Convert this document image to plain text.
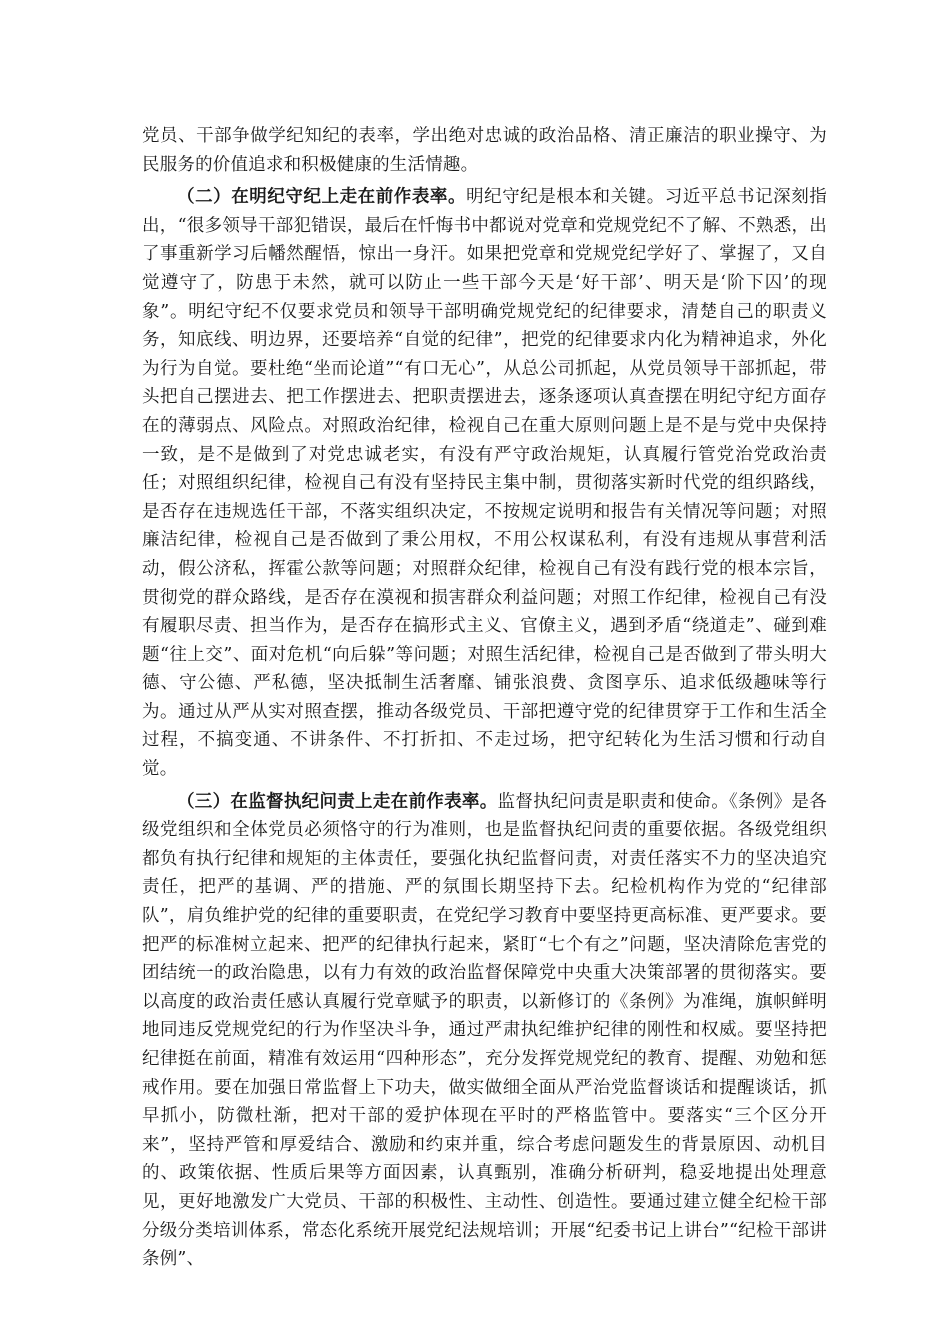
党员、干部争做学纪知纪的表率，学出绝对忠诚的政治品格、清正廉洁的职业操守、为民服务的价值追求和积极健康的生活情趣。

（二）在明纪守纪上走在前作表率。明纪守纪是根本和关键。习近平总书记深刻指出，“很多领导干部犯错误，最后在忏悔书中都说对党章和党规党纪不了解、不熟悉，出了事重新学习后幡然醒悟，惊出一身汗。如果把党章和党规党纪学好了、掌握了，又自觉遵守了，防患于未然，就可以防止一些干部今天是‘好干部’、明天是‘阶下囚’的现象”。明纪守纪不仅要求党员和领导干部明确党规党纪的纪律要求，清楚自己的职责义务，知底线、明边界，还要培养“自觉的纪律”，把党的纪律要求内化为精神追求，外化为行为自觉。要杜绝“坐而论道”“有口无心”，从总公司抓起，从党员领导干部抓起，带头把自己摆进去、把工作摆进去、把职责摆进去，逐条逐项认真查摆在明纪守纪方面存在的薄弱点、风险点。对照政治纪律，检视自己在重大原则问题上是不是与党中央保持一致，是不是做到了对党忠诚老实，有没有严守政治规矩，认真履行管党治党政治责任；对照组织纪律，检视自己有没有坚持民主集中制，贯彻落实新时代党的组织路线，是否存在违规选任干部，不落实组织决定，不按规定说明和报告有关情况等问题；对照廉洁纪律，检视自己是否做到了秉公用权，不用公权谋私利，有没有违规从事营利活动，假公济私，挥霍公款等问题；对照群众纪律，检视自己有没有践行党的根本宗旨，贯彻党的群众路线，是否存在漠视和损害群众利益问题；对照工作纪律，检视自己有没有履职尽责、担当作为，是否存在搞形式主义、官僚主义，遇到矛盾“绕道走”、碰到难题“往上交”、面对危机“向后躲”等问题；对照生活纪律，检视自己是否做到了带头明大德、守公德、严私德，坚决抵制生活奢靡、铺张浪费、贪图享乐、追求低级趣味等行为。通过从严从实对照查摆，推动各级党员、干部把遵守党的纪律贯穿于工作和生活全过程，不搞变通、不讲条件、不打折扣、不走过场，把守纪转化为生活习惯和行动自觉。

（三）在监督执纪问责上走在前作表率。监督执纪问责是职责和使命。《条例》是各级党组织和全体党员必须恪守的行为准则，也是监督执纪问责的重要依据。各级党组织都负有执行纪律和规矩的主体责任，要强化执纪监督问责，对责任落实不力的坚决追究责任，把严的基调、严的措施、严的氛围长期坚持下去。纪检机构作为党的“纪律部队”，肩负维护党的纪律的重要职责，在党纪学习教育中要坚持更高标准、更严要求。要把严的标准树立起来、把严的纪律执行起来，紧盯“七个有之”问题，坚决清除危害党的团结统一的政治隐患，以有力有效的政治监督保障党中央重大决策部署的贯彻落实。要以高度的政治责任感认真履行党章赋予的职责，以新修订的《条例》为准绳，旗帜鲜明地同违反党规党纪的行为作坚决斗争，通过严肃执纪维护纪律的刚性和权威。要坚持把纪律挺在前面，精准有效运用“四种形态”，充分发挥党规党纪的教育、提醒、劝勉和惩戒作用。要在加强日常监督上下功夫，做实做细全面从严治党监督谈话和提醒谈话，抓早抓小，防微杜渐，把对干部的爱护体现在平时的严格监管中。要落实“三个区分开来”，坚持严管和厚爱结合、激励和约束并重，综合考虑问题发生的背景原因、动机目的、政策依据、性质后果等方面因素，认真甄别，准确分析研判，稳妥地提出处理意见，更好地激发广大党员、干部的积极性、主动性、创造性。要通过建立健全纪检干部分级分类培训体系，常态化系统开展党纪法规培训；开展“纪委书记上讲台”“纪检干部讲条例”、
